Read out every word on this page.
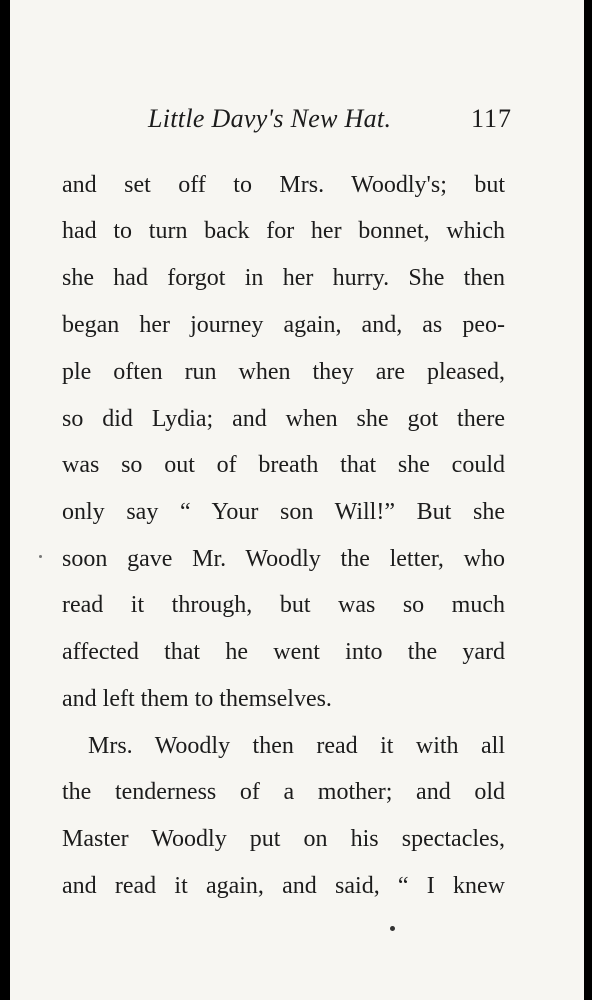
Little Davy's New Hat.	117
and set off to Mrs. Woodly's; but
had to turn back for her bonnet, which
she had forgot in her hurry. She then
began her journey again, and, as peo-
ple often run when they are pleased,
so did Lydia; and when she got there
was so out of breath that she could
only say “ Your son Will!” But she
soon gave Mr. Woodly the letter, who
read it through, but was so much
affected that he went into the yard
and left them to themselves.
Mrs. Woodly then read it with all
the tenderness of a mother; and old
Master Woodly put on his spectacles,
and read it again, and said, “ I knew
